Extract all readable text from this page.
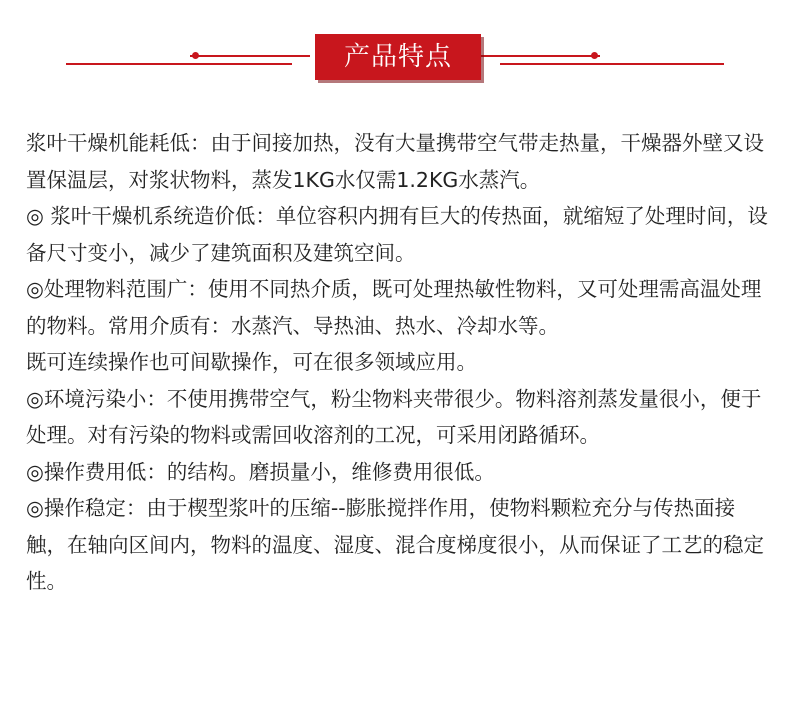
产品特点

浆叶干燥机能耗低：由于间接加热，没有大量携带空气带走热量，干燥器外壁又设置保温层，对浆状物料，蒸发1KG水仅需1.2KG水蒸汽。

◎ 浆叶干燥机系统造价低：单位容积内拥有巨大的传热面，就缩短了处理时间，设备尺寸变小，减少了建筑面积及建筑空间。

◎处理物料范围广：使用不同热介质，既可处理热敏性物料，又可处理需高温处理的物料。常用介质有：水蒸汽、导热油、热水、冷却水等。

既可连续操作也可间歇操作，可在很多领域应用。

◎环境污染小：不使用携带空气，粉尘物料夹带很少。物料溶剂蒸发量很小，便于处理。对有污染的物料或需回收溶剂的工况，可采用闭路循环。

◎操作费用低：的结构。磨损量小，维修费用很低。

◎操作稳定：由于楔型浆叶的压缩--膨胀搅拌作用，使物料颗粒充分与传热面接触，在轴向区间内，物料的温度、湿度、混合度梯度很小，从而保证了工艺的稳定性。
